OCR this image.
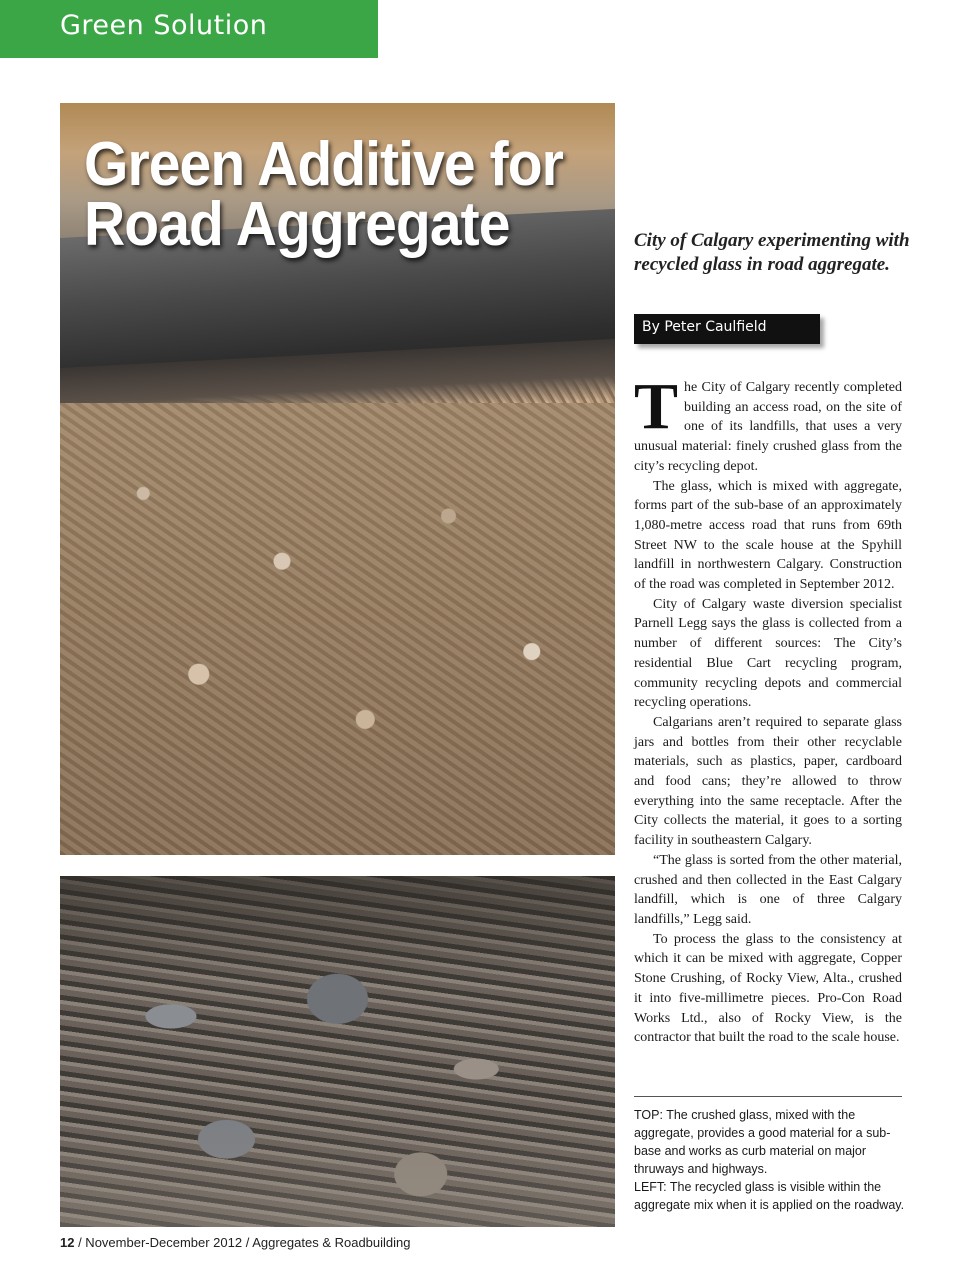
Green Solution
Green Additive for
Road Aggregate	City of Calgary experimenting with recycled glass in road aggregate.

By Peter Caulfield

The City of Calgary recently completed building an access road, on the site of one of its landfills, that uses a very unusual material: finely crushed glass from the city’s recycling depot.

The glass, which is mixed with aggregate, forms part of the sub-base of an approximately 1,080-metre access road that runs from 69th Street NW to the scale house at the Spyhill landfill in northwestern Calgary. Construction of the road was completed in September 2012.

City of Calgary waste diversion specialist Parnell Legg says the glass is collected from a number of different sources: The City’s residential Blue Cart recycling program, community recycling depots and commercial recycling operations.

Calgarians aren’t required to separate glass jars and bottles from their other recyclable materials, such as plastics, paper, cardboard and food cans; they’re allowed to throw everything into the same receptacle. After the City collects the material, it goes to a sorting facility in southeastern Calgary.

“The glass is sorted from the other material, crushed and then collected in the East Calgary landfill, which is one of three Calgary landfills,” Legg said.

To process the glass to the consistency at which it can be mixed with aggregate, Copper Stone Crushing, of Rocky View, Alta., crushed it into five-millimetre pieces. Pro-Con Road Works Ltd., also of Rocky View, is the contractor that built the road to the scale house.

TOP: The crushed glass, mixed with the aggregate, provides a good material for a sub-base and works as curb material on major thruways and highways.
LEFT: The recycled glass is visible within the aggregate mix when it is applied on the roadway.
12 / November-December 2012 / Aggregates & Roadbuilding
